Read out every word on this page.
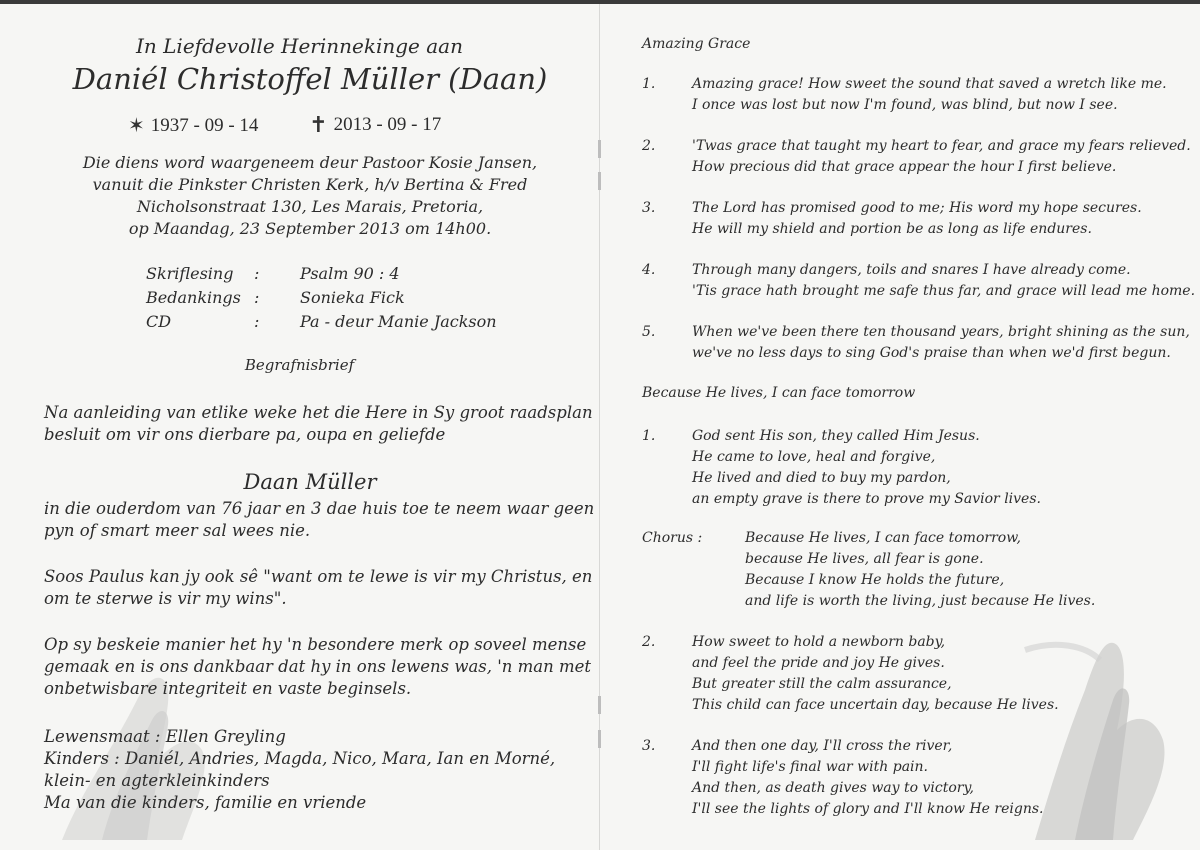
In Liefdevolle Herinnekinge aan
Daniél Christoffel Müller (Daan)
✶ 1937 - 09 - 14
✝ 2013 - 09 - 17
Die diens word waargeneem deur Pastoor Kosie Jansen,
vanuit die Pinkster Christen Kerk, h/v Bertina & Fred
Nicholsonstraat 130, Les Marais, Pretoria,
op Maandag, 23 September 2013 om 14h00.
Skriflesing :	Psalm 90 : 4
Bedankings :	Sonieka Fick
CD	:	Pa - deur Manie Jackson
Begrafnisbrief
Na aanleiding van etlike weke het die Here in Sy groot raadsplan
besluit om vir ons dierbare pa, oupa en geliefde
Daan Müller
in die ouderdom van 76 jaar en 3 dae huis toe te neem waar geen
pyn of smart meer sal wees nie.
Soos Paulus kan jy ook sê "want om te lewe is vir my Christus, en
om te sterwe is vir my wins".
Op sy beskeie manier het hy 'n besondere merk op soveel mense
gemaak en is ons dankbaar dat hy in ons lewens was, 'n man met
onbetwisbare integriteit en vaste beginsels.
Lewensmaat : Ellen Greyling
Kinders : Daniél, Andries, Magda, Nico, Mara, Ian en Morné,
klein- en agterkleinkinders
Ma van die kinders, familie en vriende
Amazing Grace
1.	Amazing grace! How sweet the sound that saved a wretch like me.
I once was lost but now I'm found, was blind, but now I see.
2.	'Twas grace that taught my heart to fear, and grace my fears relieved.
How precious did that grace appear the hour I first believe.
3.	The Lord has promised good to me; His word my hope secures.
He will my shield and portion be as long as life endures.
4.	Through many dangers, toils and snares I have already come.
'Tis grace hath brought me safe thus far, and grace will lead me home.
5.	When we've been there ten thousand years, bright shining as the sun,
we've no less days to sing God's praise than when we'd first begun.
Because He lives, I can face tomorrow
1.	God sent His son, they called Him Jesus.
He came to love, heal and forgive,
He lived and died to buy my pardon,
an empty grave is there to prove my Savior lives.
Chorus :	Because He lives, I can face tomorrow,
because He lives, all fear is gone.
Because I know He holds the future,
and life is worth the living, just because He lives.
2.	How sweet to hold a newborn baby,
and feel the pride and joy He gives.
But greater still the calm assurance,
This child can face uncertain day, because He lives.
3.	And then one day, I'll cross the river,
I'll fight life's final war with pain.
And then, as death gives way to victory,
I'll see the lights of glory and I'll know He reigns.
